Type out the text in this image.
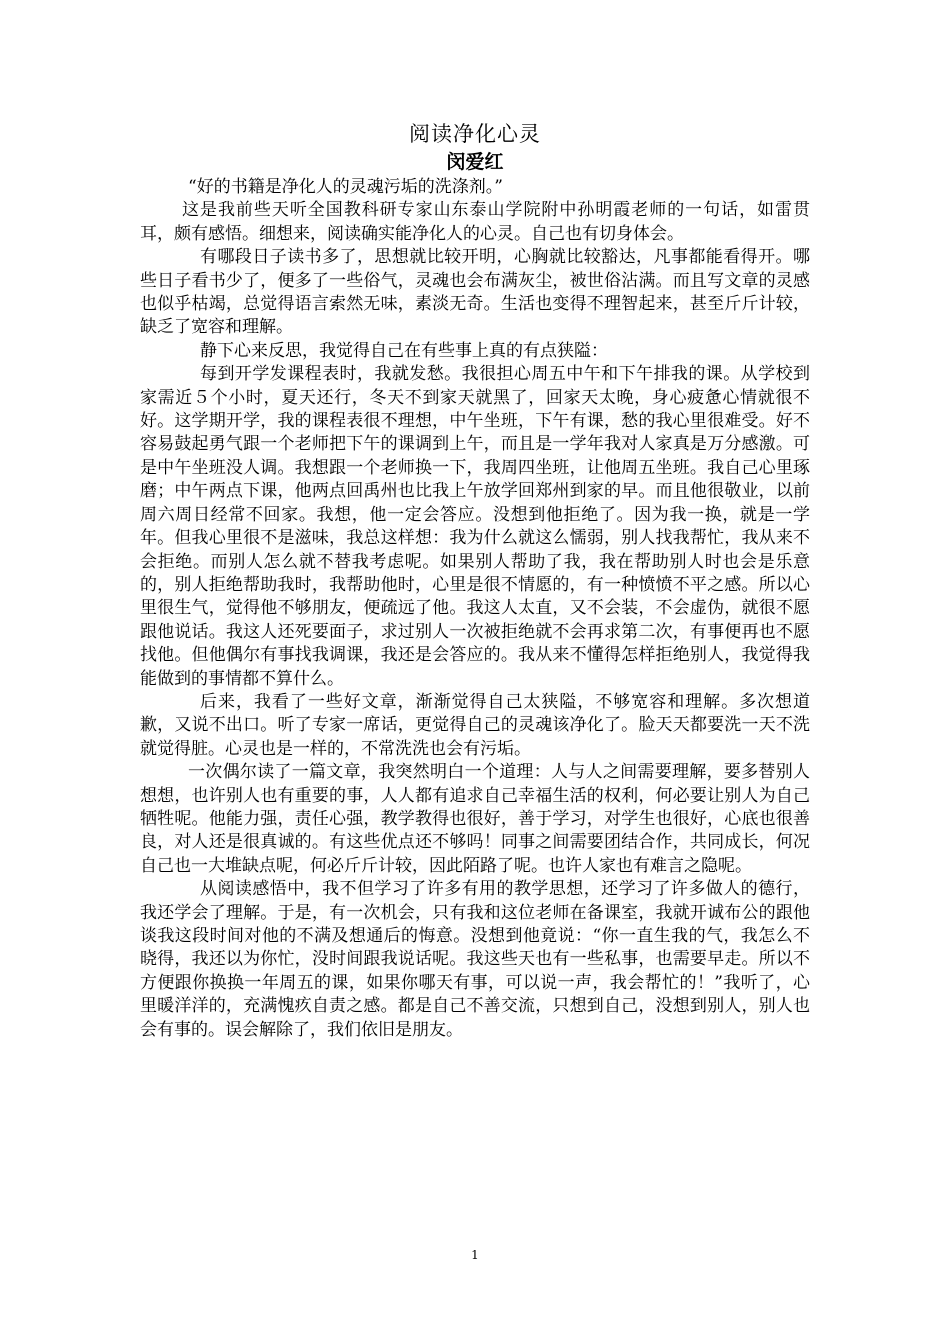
阅读净化心灵
闵爱红

“好的书籍是净化人的灵魂污垢的洗涤剂。”

这是我前些天听全国教科研专家山东泰山学院附中孙明霞老师的一句话，如雷贯耳，颇有感悟。细想来，阅读确实能净化人的心灵。自己也有切身体会。

有哪段日子读书多了，思想就比较开明，心胸就比较豁达，凡事都能看得开。哪些日子看书少了，便多了一些俗气，灵魂也会布满灰尘，被世俗沾满。而且写文章的灵感也似乎枯竭，总觉得语言索然无味，素淡无奇。生活也变得不理智起来，甚至斤斤计较，缺乏了宽容和理解。

静下心来反思，我觉得自己在有些事上真的有点狭隘：

每到开学发课程表时，我就发愁。我很担心周五中午和下午排我的课。从学校到家需近５个小时，夏天还行，冬天不到家天就黑了，回家天太晚，身心疲惫心情就很不好。这学期开学，我的课程表很不理想，中午坐班，下午有课，愁的我心里很难受。好不容易鼓起勇气跟一个老师把下午的课调到上午，而且是一学年我对人家真是万分感激。可是中午坐班没人调。我想跟一个老师换一下，我周四坐班，让他周五坐班。我自己心里琢磨；中午两点下课，他两点回禹州也比我上午放学回郑州到家的早。而且他很敬业，以前周六周日经常不回家。我想，他一定会答应。没想到他拒绝了。因为我一换，就是一学年。但我心里很不是滋味，我总这样想：我为什么就这么懦弱，别人找我帮忙，我从来不会拒绝。而别人怎么就不替我考虑呢。如果别人帮助了我，我在帮助别人时也会是乐意的，别人拒绝帮助我时，我帮助他时，心里是很不情愿的，有一种愤愤不平之感。所以心里很生气，觉得他不够朋友，便疏远了他。我这人太直，又不会装，不会虚伪，就很不愿跟他说话。我这人还死要面子，求过别人一次被拒绝就不会再求第二次，有事便再也不愿找他。但他偶尔有事找我调课，我还是会答应的。我从来不懂得怎样拒绝别人，我觉得我能做到的事情都不算什么。

后来，我看了一些好文章，渐渐觉得自己太狭隘，不够宽容和理解。多次想道歉，又说不出口。听了专家一席话，更觉得自己的灵魂该净化了。脸天天都要洗一天不洗就觉得脏。心灵也是一样的，不常洗洗也会有污垢。

一次偶尔读了一篇文章，我突然明白一个道理：人与人之间需要理解，要多替别人想想，也许别人也有重要的事，人人都有追求自己幸福生活的权利，何必要让别人为自己牺牲呢。他能力强，责任心强，教学教得也很好，善于学习，对学生也很好，心底也很善良，对人还是很真诚的。有这些优点还不够吗！同事之间需要团结合作，共同成长，何况自己也一大堆缺点呢，何必斤斤计较，因此陌路了呢。也许人家也有难言之隐呢。

从阅读感悟中，我不但学习了许多有用的教学思想，还学习了许多做人的德行，我还学会了理解。于是，有一次机会，只有我和这位老师在备课室，我就开诚布公的跟他谈我这段时间对他的不满及想通后的悔意。没想到他竟说：“你一直生我的气，我怎么不晓得，我还以为你忙，没时间跟我说话呢。我这些天也有一些私事，也需要早走。所以不方便跟你换换一年周五的课，如果你哪天有事，可以说一声，我会帮忙的！”我听了，心里暖洋洋的，充满愧疚自责之感。都是自己不善交流，只想到自己，没想到别人，别人也会有事的。误会解除了，我们依旧是朋友。

1
